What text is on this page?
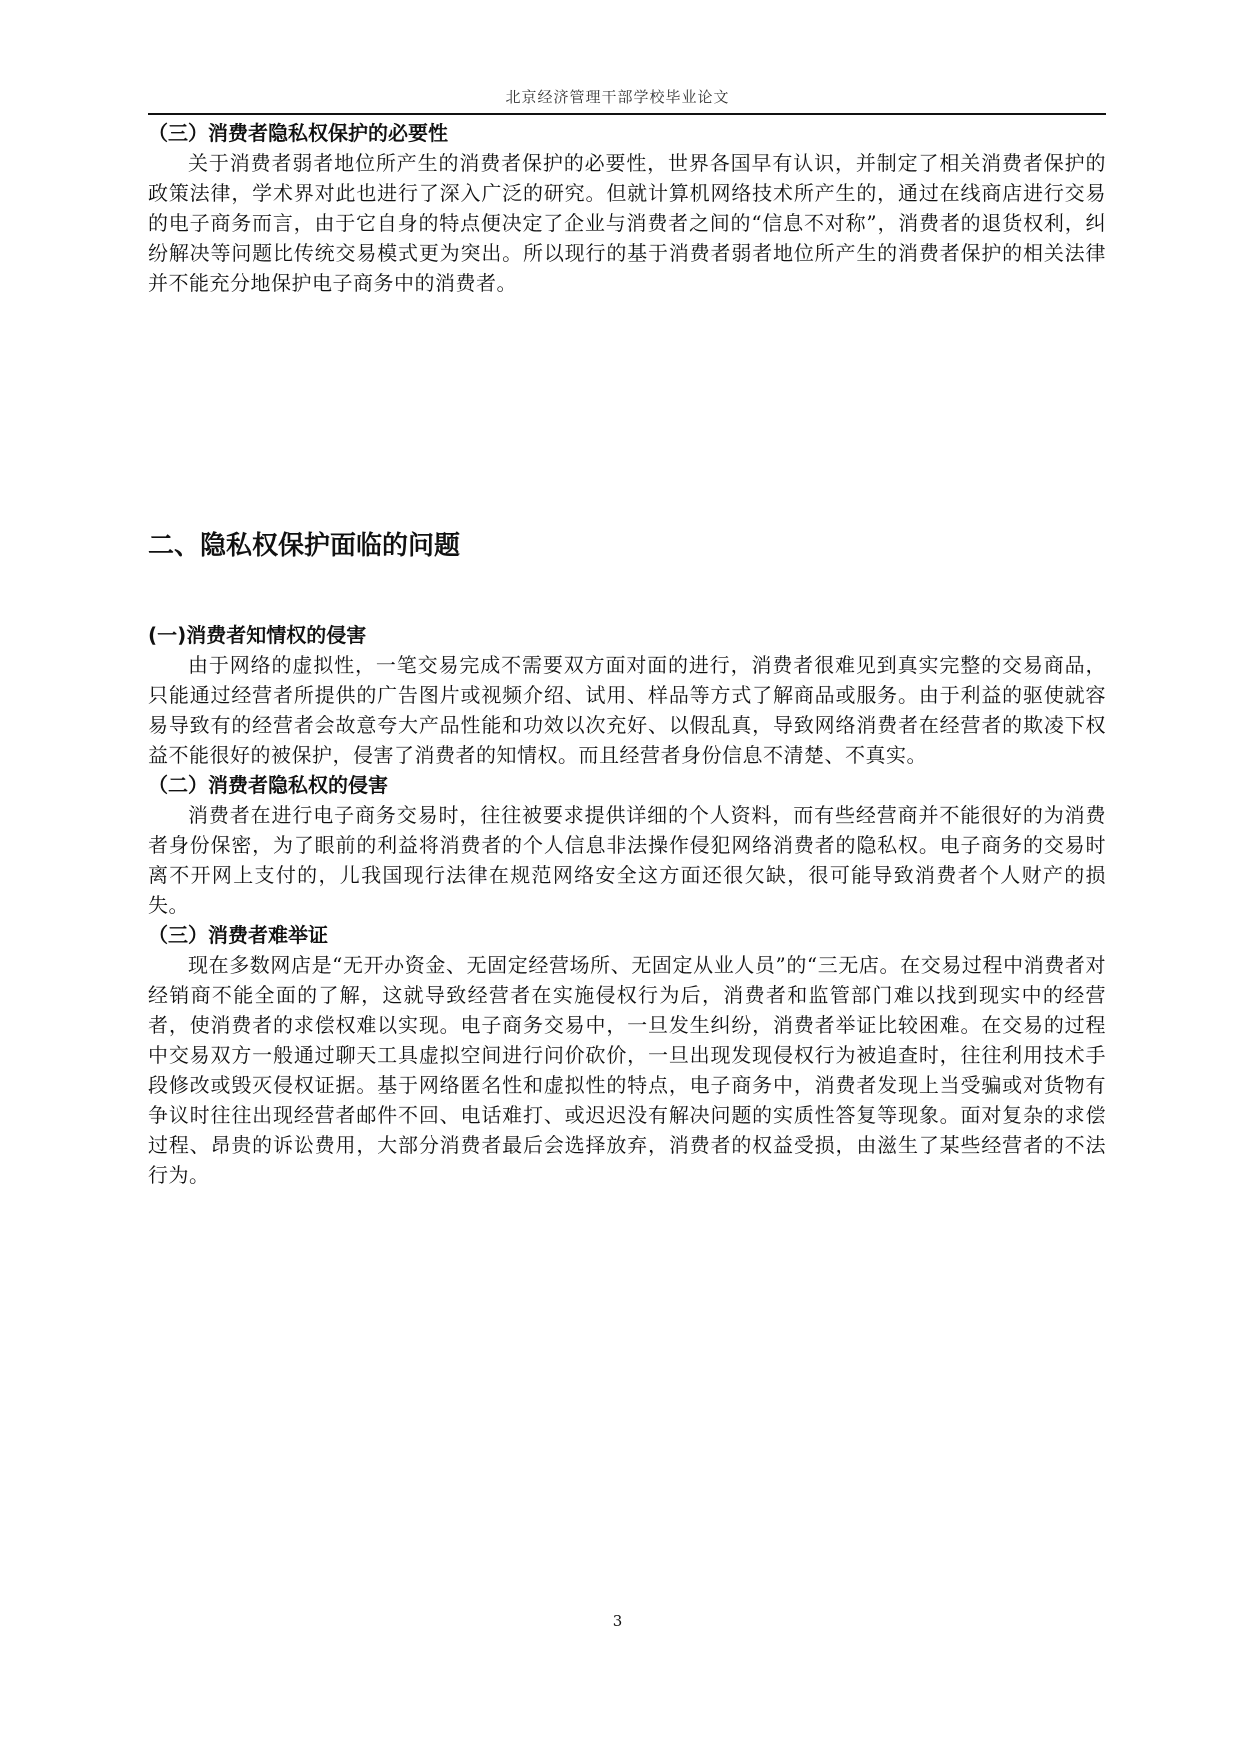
北京经济管理干部学校毕业论文

（三）消费者隐私权保护的必要性

关于消费者弱者地位所产生的消费者保护的必要性，世界各国早有认识，并制定了相关消费者保护的政策法律，学术界对此也进行了深入广泛的研究。但就计算机网络技术所产生的，通过在线商店进行交易的电子商务而言，由于它自身的特点便决定了企业与消费者之间的“信息不对称”，消费者的退货权利，纠纷解决等问题比传统交易模式更为突出。所以现行的基于消费者弱者地位所产生的消费者保护的相关法律并不能充分地保护电子商务中的消费者。

二、隐私权保护面临的问题

(一)消费者知情权的侵害

由于网络的虚拟性，一笔交易完成不需要双方面对面的进行，消费者很难见到真实完整的交易商品，只能通过经营者所提供的广告图片或视频介绍、试用、样品等方式了解商品或服务。由于利益的驱使就容易导致有的经营者会故意夸大产品性能和功效以次充好、以假乱真，导致网络消费者在经营者的欺凌下权益不能很好的被保护，侵害了消费者的知情权。而且经营者身份信息不清楚、不真实。

（二）消费者隐私权的侵害

消费者在进行电子商务交易时，往往被要求提供详细的个人资料，而有些经营商并不能很好的为消费者身份保密，为了眼前的利益将消费者的个人信息非法操作侵犯网络消费者的隐私权。电子商务的交易时离不开网上支付的，儿我国现行法律在规范网络安全这方面还很欠缺，很可能导致消费者个人财产的损失。

（三）消费者难举证

现在多数网店是“无开办资金、无固定经营场所、无固定从业人员”的“三无店。在交易过程中消费者对经销商不能全面的了解，这就导致经营者在实施侵权行为后，消费者和监管部门难以找到现实中的经营者，使消费者的求偿权难以实现。电子商务交易中，一旦发生纠纷，消费者举证比较困难。在交易的过程中交易双方一般通过聊天工具虚拟空间进行问价砍价，一旦出现发现侵权行为被追查时，往往利用技术手段修改或毁灭侵权证据。基于网络匿名性和虚拟性的特点，电子商务中，消费者发现上当受骗或对货物有争议时往往出现经营者邮件不回、电话难打、或迟迟没有解决问题的实质性答复等现象。面对复杂的求偿过程、昂贵的诉讼费用，大部分消费者最后会选择放弃，消费者的权益受损，由滋生了某些经营者的不法行为。

3
